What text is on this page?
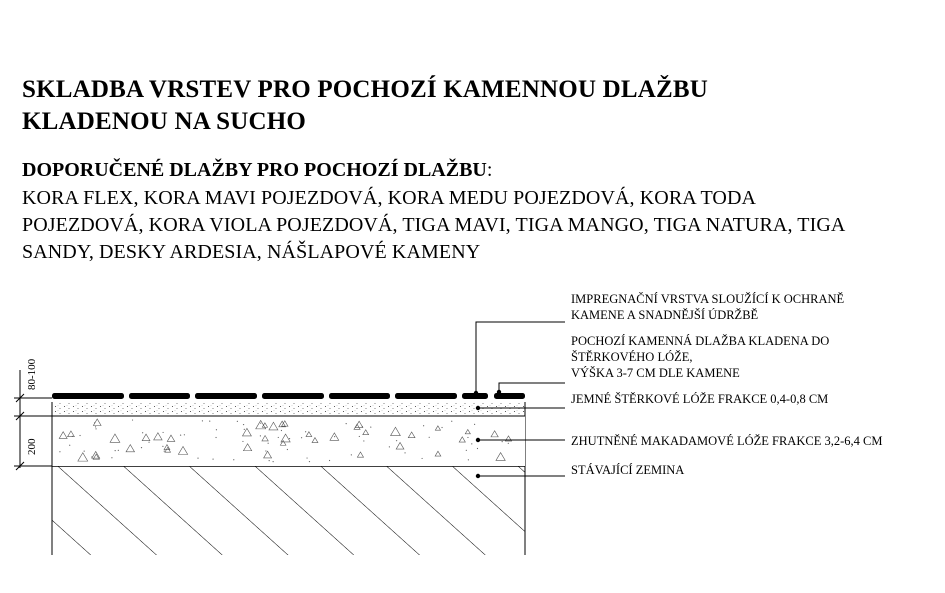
SKLADBA VRSTEV PRO POCHOZÍ KAMENNOU DLAŽBU
KLADENOU NA SUCHO
DOPORUČENÉ DLAŽBY PRO POCHOZÍ DLAŽBU:
KORA FLEX, KORA MAVI POJEZDOVÁ, KORA MEDU POJEZDOVÁ, KORA TODA
POJEZDOVÁ, KORA VIOLA POJEZDOVÁ, TIGA MAVI, TIGA MANGO, TIGA NATURA, TIGA
SANDY, DESKY ARDESIA, NÁŠLAPOVÉ KAMENY
80-100
200
IMPREGNAČNÍ VRSTVA SLOUŽÍCÍ K OCHRANĚ
KAMENE A SNADNĚJŠÍ ÚDRŽBĚ
POCHOZÍ KAMENNÁ DLAŽBA KLADENA DO
ŠTĚRKOVÉHO LÓŽE,
VÝŠKA 3-7 CM DLE KAMENE
JEMNÉ ŠTĚRKOVÉ LÓŽE FRAKCE 0,4-0,8 CM
ZHUTNĚNÉ MAKADAMOVÉ LÓŽE FRAKCE 3,2-6,4 CM
STÁVAJÍCÍ ZEMINA
